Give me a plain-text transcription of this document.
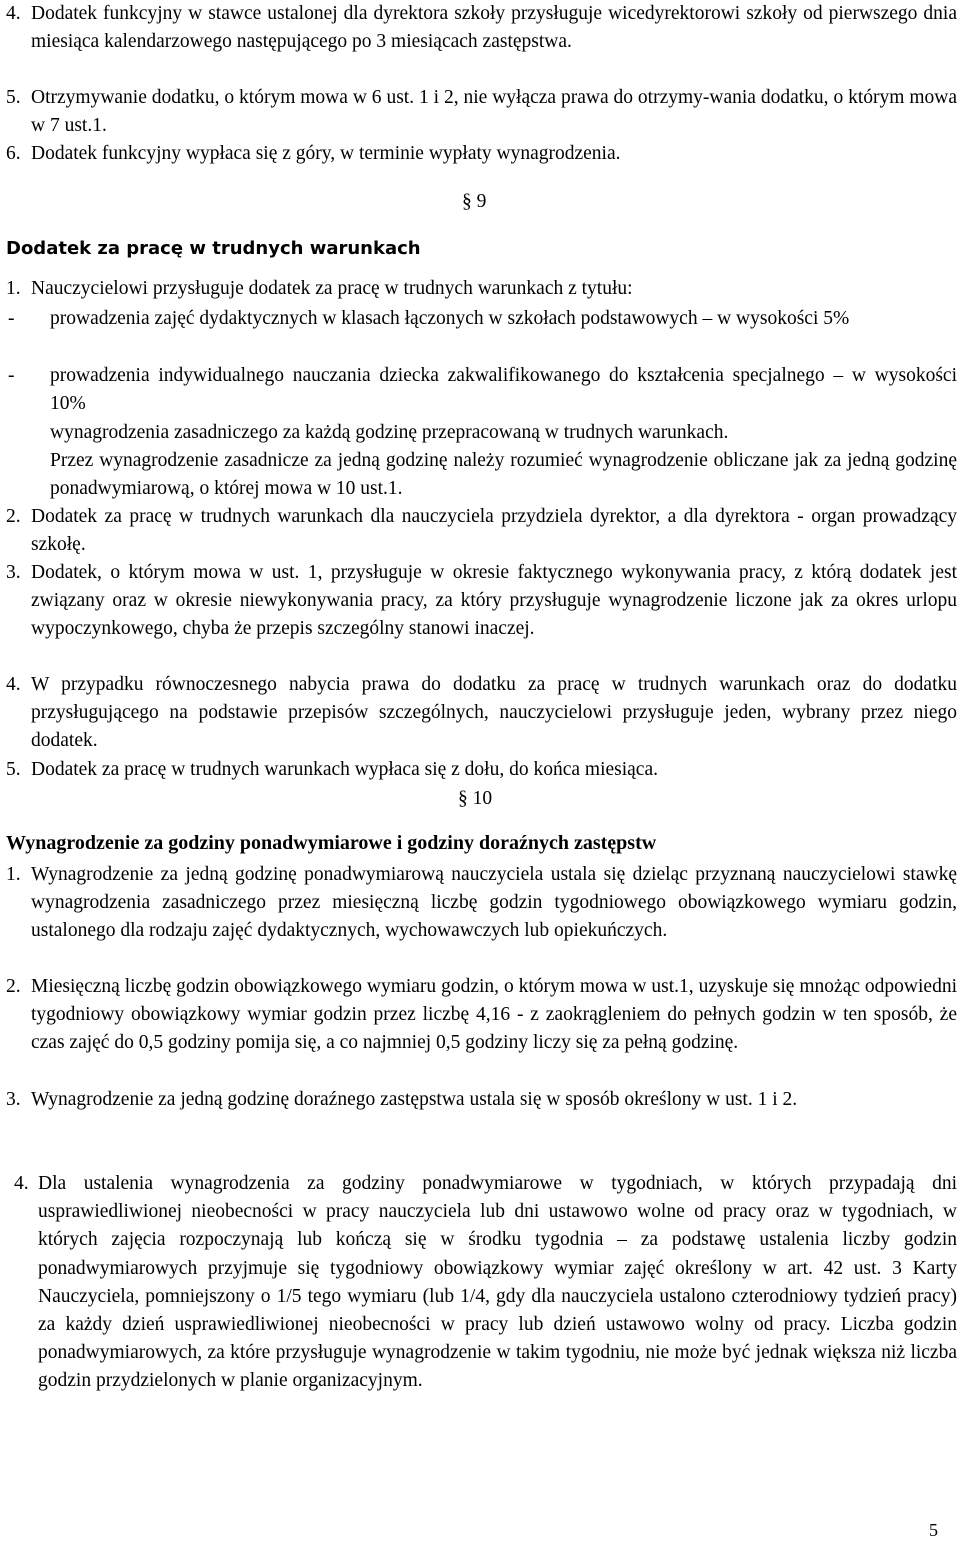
4. Dodatek funkcyjny w stawce ustalonej dla dyrektora szkoły przysługuje wicedyrektorowi szkoły od pierwszego dnia miesiąca kalendarzowego następującego po 3 miesiącach zastępstwa.
5. Otrzymywanie dodatku, o którym mowa w 6 ust. 1 i 2, nie wyłącza prawa do otrzymy-wania dodatku, o którym mowa w 7 ust.1.
6. Dodatek funkcyjny wypłaca się z góry, w terminie wypłaty wynagrodzenia.
§ 9
Dodatek za pracę w trudnych warunkach
1. Nauczycielowi przysługuje dodatek za pracę w trudnych warunkach z tytułu:
- prowadzenia zajęć dydaktycznych w klasach łączonych w szkołach podstawowych – w wysokości 5%
- prowadzenia indywidualnego nauczania dziecka zakwalifikowanego do kształcenia specjalnego – w wysokości 10%
wynagrodzenia zasadniczego za każdą godzinę przepracowaną w trudnych warunkach.
Przez wynagrodzenie zasadnicze za jedną godzinę należy rozumieć wynagrodzenie obliczane jak za jedną godzinę ponadwymiarową, o której mowa w 10 ust.1.
2. Dodatek za pracę w trudnych warunkach dla nauczyciela przydziela dyrektor, a dla dyrektora - organ prowadzący szkołę.
3. Dodatek, o którym mowa w ust. 1, przysługuje w okresie faktycznego wykonywania pracy, z którą dodatek jest związany oraz w okresie niewykonywania pracy, za który przysługuje wynagrodzenie liczone jak za okres urlopu wypoczynkowego, chyba że przepis szczególny stanowi inaczej.
4. W przypadku równoczesnego nabycia prawa do dodatku za pracę w trudnych warunkach oraz do dodatku przysługującego na podstawie przepisów szczególnych, nauczycielowi przysługuje jeden, wybrany przez niego dodatek.
5. Dodatek za pracę w trudnych warunkach wypłaca się z dołu, do końca miesiąca.
§ 10
Wynagrodzenie za godziny ponadwymiarowe i godziny doraźnych zastępstw
1. Wynagrodzenie za jedną godzinę ponadwymiarową nauczyciela ustala się dzieląc przyznaną nauczycielowi stawkę wynagrodzenia zasadniczego przez miesięczną liczbę godzin tygodniowego obowiązkowego wymiaru godzin, ustalonego dla rodzaju zajęć dydaktycznych, wychowawczych lub opiekuńczych.
2. Miesięczną liczbę godzin obowiązkowego wymiaru godzin, o którym mowa w ust.1, uzyskuje się mnożąc odpowiedni tygodniowy obowiązkowy wymiar godzin przez liczbę 4,16 - z zaokrągleniem do pełnych godzin w ten sposób, że czas zajęć do 0,5 godziny pomija się, a co najmniej 0,5 godziny liczy się za pełną godzinę.
3. Wynagrodzenie za jedną godzinę doraźnego zastępstwa ustala się w sposób określony w ust. 1 i 2.
4. Dla ustalenia wynagrodzenia za godziny ponadwymiarowe w tygodniach, w których przypadają dni usprawiedliwionej nieobecności w pracy nauczyciela lub dni ustawowo wolne od pracy oraz w tygodniach, w których zajęcia rozpoczynają lub kończą się w środku tygodnia – za podstawę ustalenia liczby godzin ponadwymiarowych przyjmuje się tygodniowy obowiązkowy wymiar zajęć określony w art. 42 ust. 3 Karty Nauczyciela, pomniejszony o 1/5 tego wymiaru (lub 1/4, gdy dla nauczyciela ustalono czterodniowy tydzień pracy) za każdy dzień usprawiedliwionej nieobecności w pracy lub dzień ustawowo wolny od pracy. Liczba godzin ponadwymiarowych, za które przysługuje wynagrodzenie w takim tygodniu, nie może być jednak większa niż liczba godzin przydzielonych w planie organizacyjnym.
5
